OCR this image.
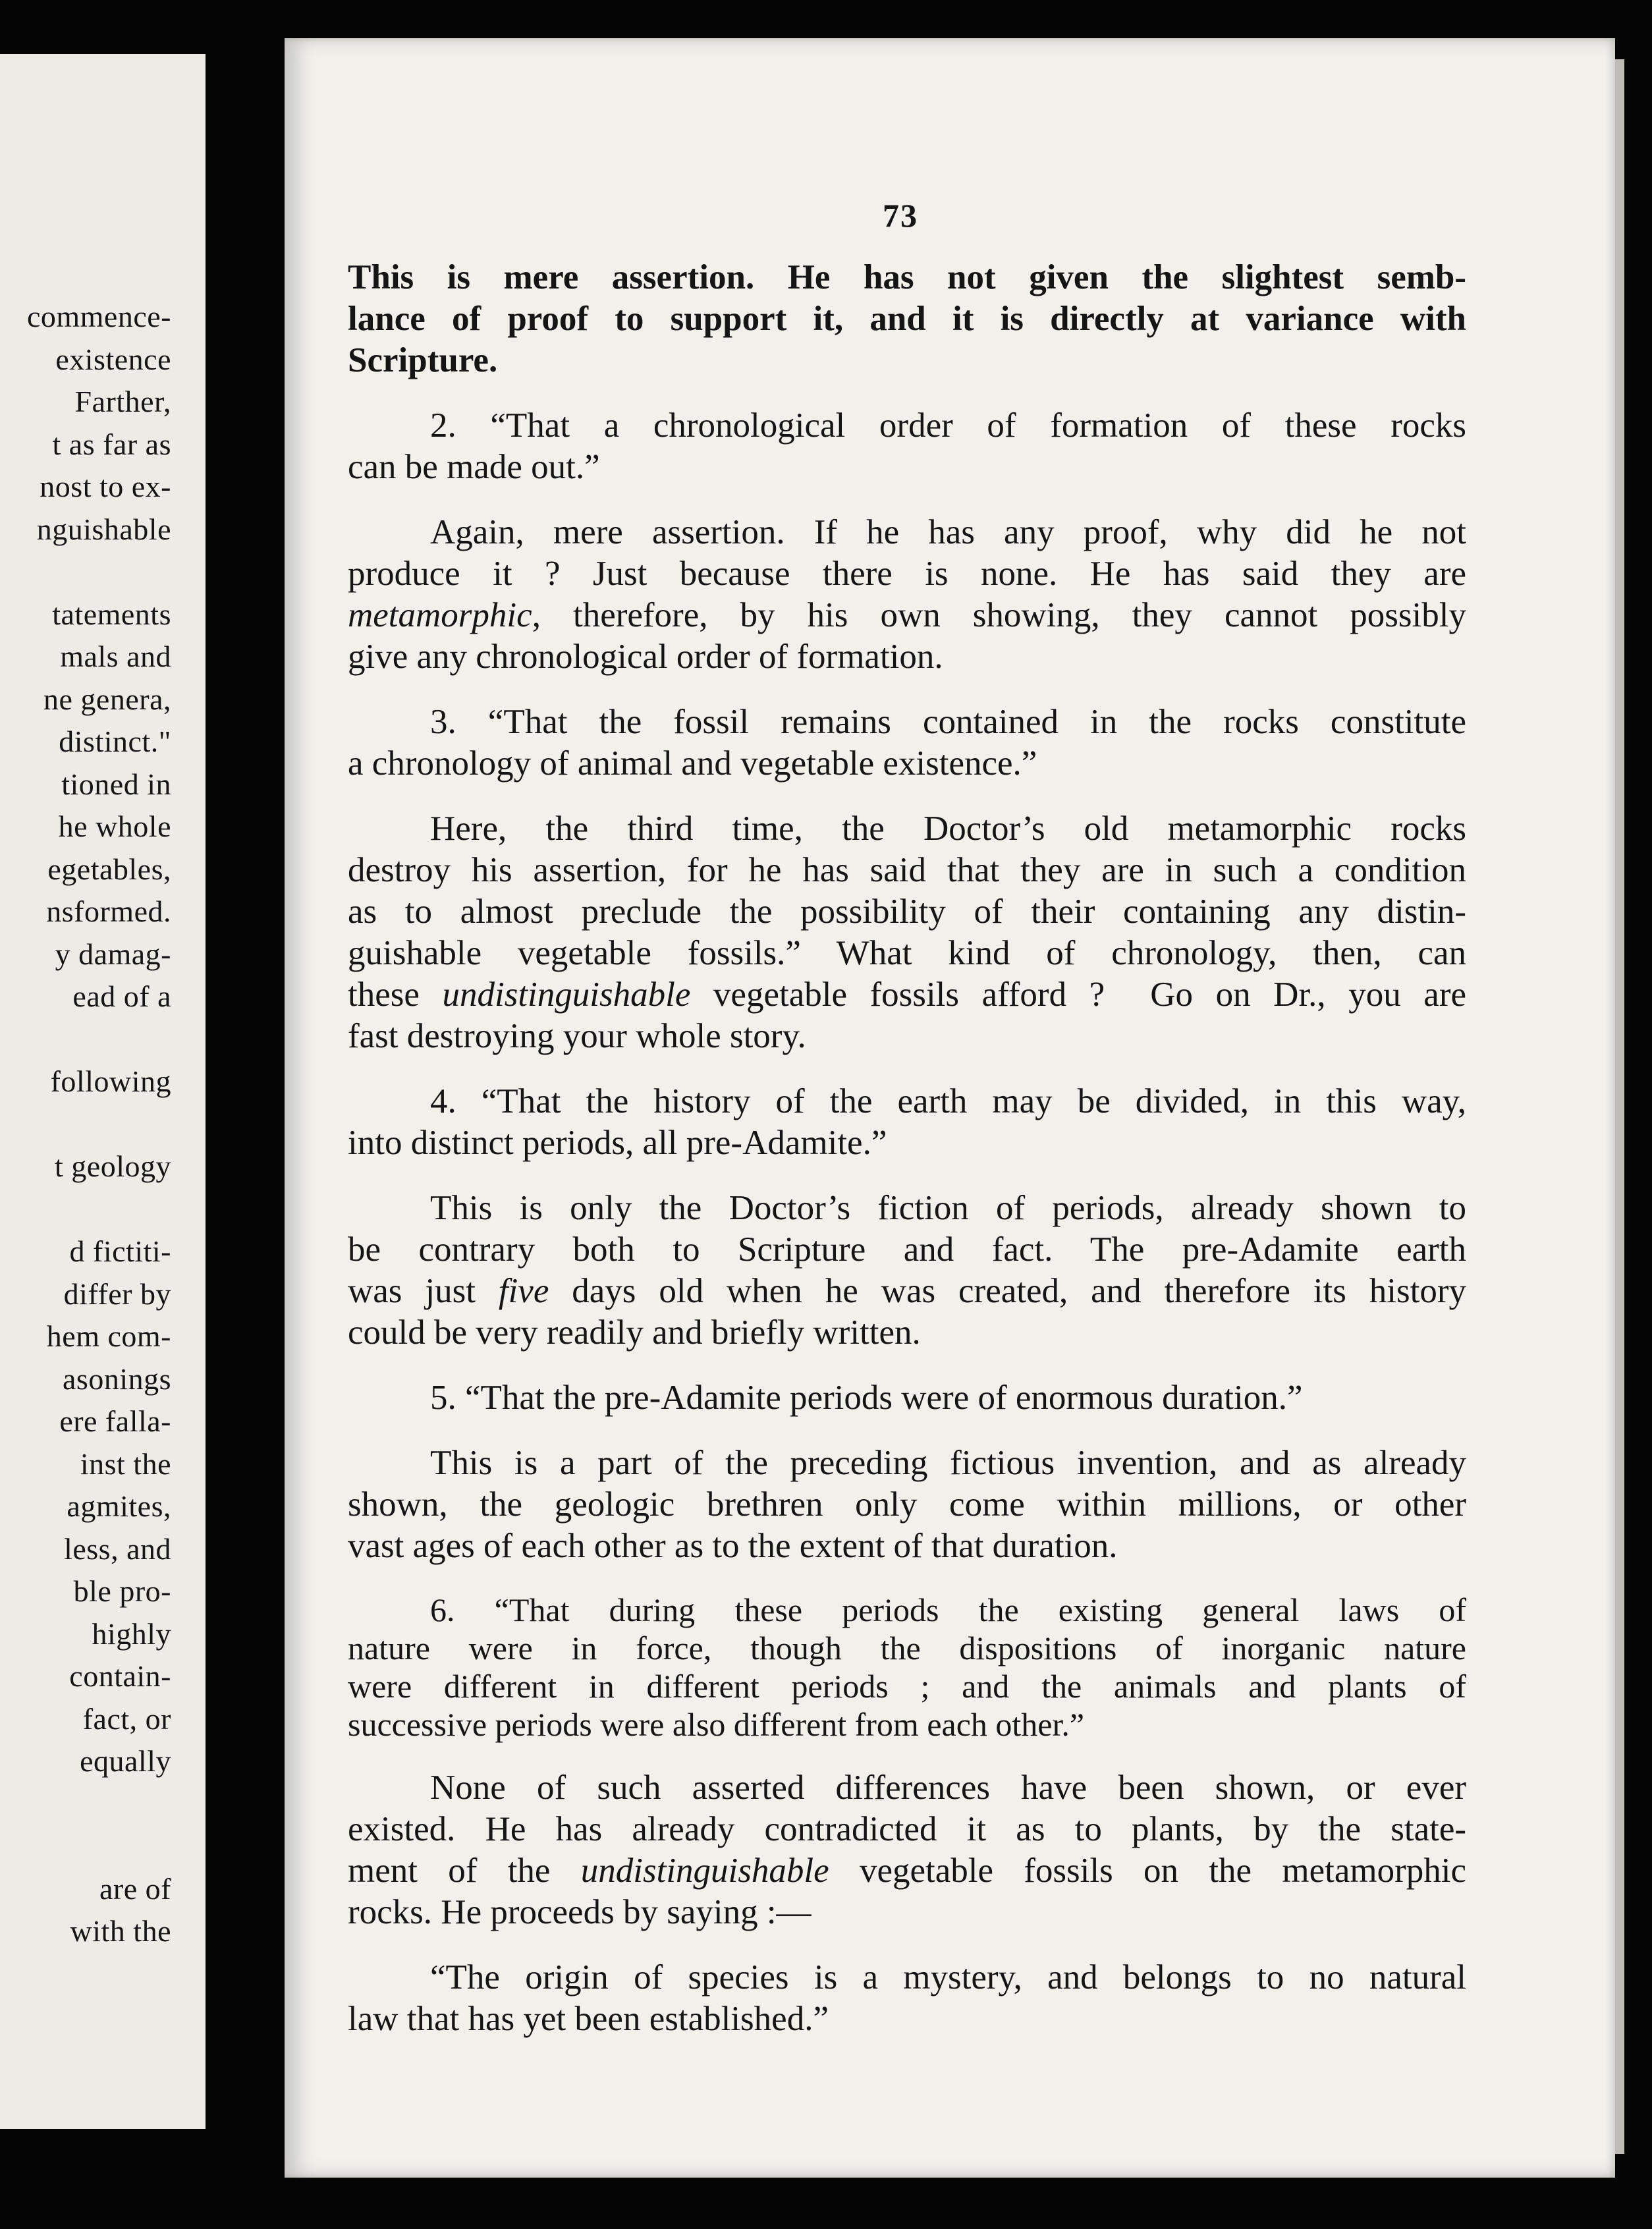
commence-
existence
Farther,
t as far as
nost to ex-
nguishable
tatements
mals and
ne genera,
distinct."
tioned in
he whole
egetables,
nsformed.
y damag-
ead of a
following
t geology
d fictiti-
differ by
hem com-
asonings
ere falla-
inst the
agmites,
less, and
ble pro-
highly
contain-
fact, or
equally
are of
with the
73

This is mere assertion. He has not given the slightest semb-
lance of proof to support it, and it is directly at variance with
Scripture.

2. “That a chronological order of formation of these rocks
can be made out.”

Again, mere assertion. If he has any proof, why did he not
produce it ? Just because there is none. He has said they are
metamorphic, therefore, by his own showing, they cannot possibly
give any chronological order of formation.

3. “That the fossil remains contained in the rocks constitute
a chronology of animal and vegetable existence.”

Here, the third time, the Doctor’s old metamorphic rocks
destroy his assertion, for he has said that they are in such a condition
as to almost preclude the possibility of their containing any distin-
guishable vegetable fossils.” What kind of chronology, then, can
these undistinguishable vegetable fossils afford ?  Go on Dr., you are
fast destroying your whole story.

4. “That the history of the earth may be divided, in this way,
into distinct periods, all pre-Adamite.”

This is only the Doctor’s fiction of periods, already shown to
be contrary both to Scripture and fact. The pre-Adamite earth
was just five days old when he was created, and therefore its history
could be very readily and briefly written.

5. “That the pre-Adamite periods were of enormous duration.”

This is a part of the preceding fictious invention, and as already
shown, the geologic brethren only come within millions, or other
vast ages of each other as to the extent of that duration.

6. “That during these periods the existing general laws of
nature were in force, though the dispositions of inorganic nature
were different in different periods ; and the animals and plants of
successive periods were also different from each other.”

None of such asserted differences have been shown, or ever
existed. He has already contradicted it as to plants, by the state-
ment of the undistinguishable vegetable fossils on the metamorphic
rocks. He proceeds by saying :—

“The origin of species is a mystery, and belongs to no natural
law that has yet been established.”
